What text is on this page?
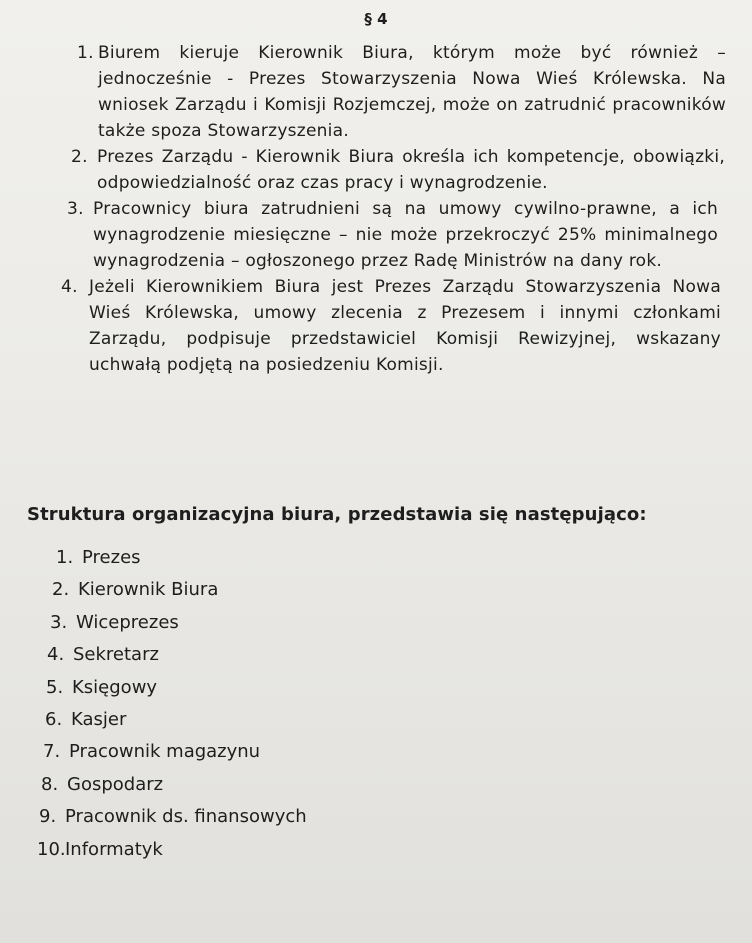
§ 4
1. Biurem kieruje Kierownik Biura, którym może być również – jednocześnie - Prezes Stowarzyszenia Nowa Wieś Królewska. Na wniosek Zarządu i Komisji Rozjemczej, może on zatrudnić pracowników także spoza Stowarzyszenia.
2. Prezes Zarządu - Kierownik Biura określa ich kompetencje, obowiązki, odpowiedzialność oraz czas pracy i wynagrodzenie.
3. Pracownicy biura zatrudnieni są na umowy cywilno-prawne, a ich wynagrodzenie miesięczne – nie może przekroczyć 25% minimalnego wynagrodzenia – ogłoszonego przez Radę Ministrów na dany rok.
4. Jeżeli Kierownikiem Biura jest Prezes Zarządu Stowarzyszenia Nowa Wieś Królewska, umowy zlecenia z Prezesem i innymi członkami Zarządu, podpisuje przedstawiciel Komisji Rewizyjnej, wskazany uchwałą podjętą na posiedzeniu Komisji.
Struktura organizacyjna biura, przedstawia się następująco:
1. Prezes
2. Kierownik Biura
3. Wiceprezes
4. Sekretarz
5. Księgowy
6. Kasjer
7. Pracownik magazynu
8. Gospodarz
9. Pracownik ds. finansowych
10.Informatyk
